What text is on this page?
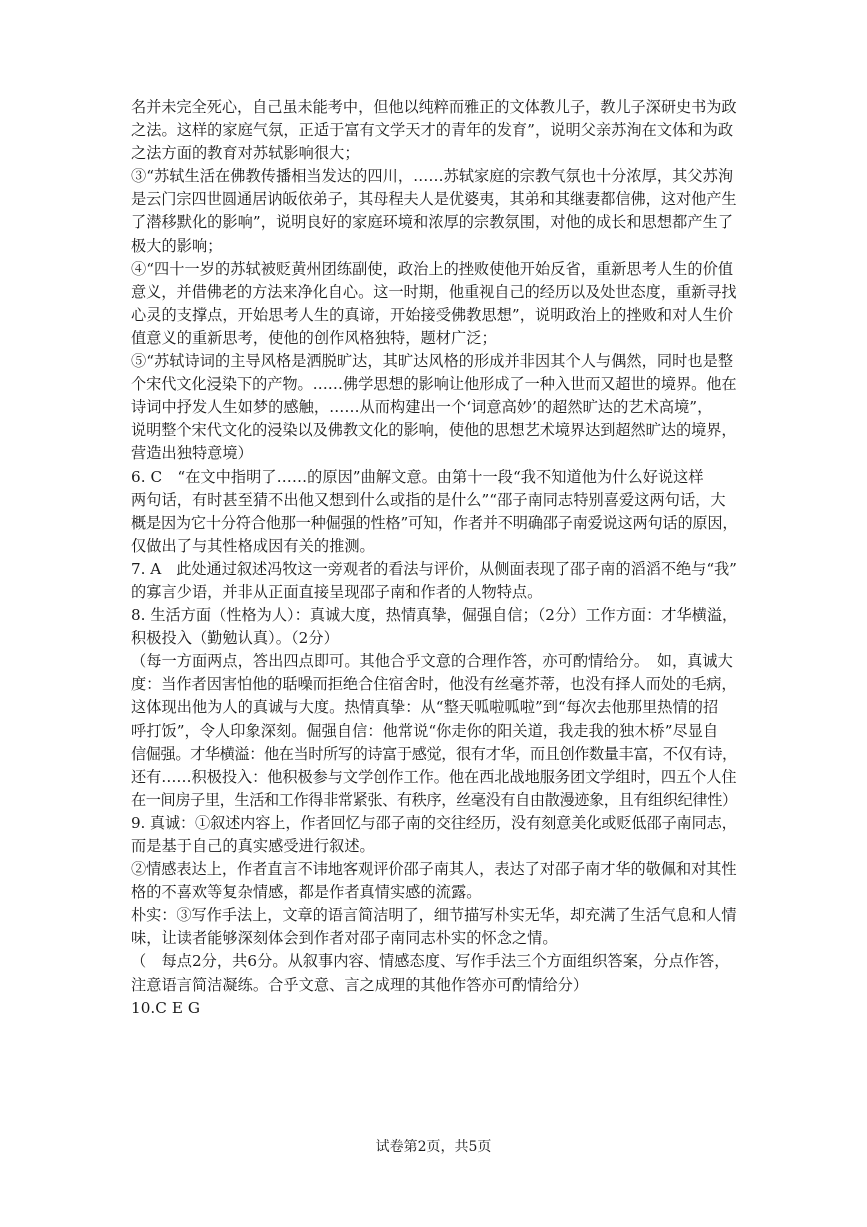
名并未完全死心，自己虽未能考中，但他以纯粹而雅正的文体教儿子，教儿子深研史书为政

之法。这样的家庭气氛，正适于富有文学天才的青年的发育”，说明父亲苏洵在文体和为政

之法方面的教育对苏轼影响很大；

③“苏轼生活在佛教传播相当发达的四川，……苏轼家庭的宗教气氛也十分浓厚，其父苏洵

是云门宗四世圆通居讷皈依弟子，其母程夫人是优婆夷，其弟和其继妻都信佛，这对他产生

了潜移默化的影响”，说明良好的家庭环境和浓厚的宗教氛围，对他的成长和思想都产生了

极大的影响；

④“四十一岁的苏轼被贬黄州团练副使，政治上的挫败使他开始反省，重新思考人生的价值

意义，并借佛老的方法来净化自心。这一时期，他重视自己的经历以及处世态度，重新寻找

心灵的支撑点，开始思考人生的真谛，开始接受佛教思想”，说明政治上的挫败和对人生价

值意义的重新思考，使他的创作风格独特，题材广泛；

⑤“苏轼诗词的主导风格是洒脱旷达，其旷达风格的形成并非因其个人与偶然，同时也是整

个宋代文化浸染下的产物。……佛学思想的影响让他形成了一种入世而又超世的境界。他在

诗词中抒发人生如梦的感触，……从而构建出一个‘词意高妙’的超然旷达的艺术高境”，

说明整个宋代文化的浸染以及佛教文化的影响，使他的思想艺术境界达到超然旷达的境界，

营造出独特意境）

6. C　“在文中指明了……的原因”曲解文意。由第十一段“我不知道他为什么好说这样

两句话，有时甚至猜不出他又想到什么或指的是什么”“邵子南同志特别喜爱这两句话，大

概是因为它十分符合他那一种倔强的性格”可知，作者并不明确邵子南爱说这两句话的原因，

仅做出了与其性格成因有关的推测。

7. A　此处通过叙述冯牧这一旁观者的看法与评价，从侧面表现了邵子南的滔滔不绝与“我”

的寡言少语，并非从正面直接呈现邵子南和作者的人物特点。

8. 生活方面（性格为人）：真诚大度，热情真挚，倔强自信；（2分）工作方面：才华横溢，

积极投入（勤勉认真）。（2分）

（每一方面两点，答出四点即可。其他合乎文意的合理作答，亦可酌情给分。　如，真诚大

度：当作者因害怕他的聒噪而拒绝合住宿舍时，他没有丝毫芥蒂，也没有择人而处的毛病，

这体现出他为人的真诚与大度。热情真挚：从“整天呱啦呱啦”到“每次去他那里热情的招

呼打饭”，令人印象深刻。倔强自信：他常说“你走你的阳关道，我走我的独木桥”尽显自

信倔强。才华横溢：他在当时所写的诗富于感觉，很有才华，而且创作数量丰富，不仅有诗，

还有……积极投入：他积极参与文学创作工作。他在西北战地服务团文学组时，四五个人住

在一间房子里，生活和工作得非常紧张、有秩序，丝毫没有自由散漫迹象，且有组织纪律性）

9. 真诚：①叙述内容上，作者回忆与邵子南的交往经历，没有刻意美化或贬低邵子南同志，

而是基于自己的真实感受进行叙述。

②情感表达上，作者直言不讳地客观评价邵子南其人，表达了对邵子南才华的敬佩和对其性

格的不喜欢等复杂情感，都是作者真情实感的流露。

朴实：③写作手法上，文章的语言简洁明了，细节描写朴实无华，却充满了生活气息和人情

味，让读者能够深刻体会到作者对邵子南同志朴实的怀念之情。

（　每点2分，共6分。从叙事内容、情感态度、写作手法三个方面组织答案，分点作答，

注意语言简洁凝练。合乎文意、言之成理的其他作答亦可酌情给分）

10.C E G

试卷第2页，共5页
